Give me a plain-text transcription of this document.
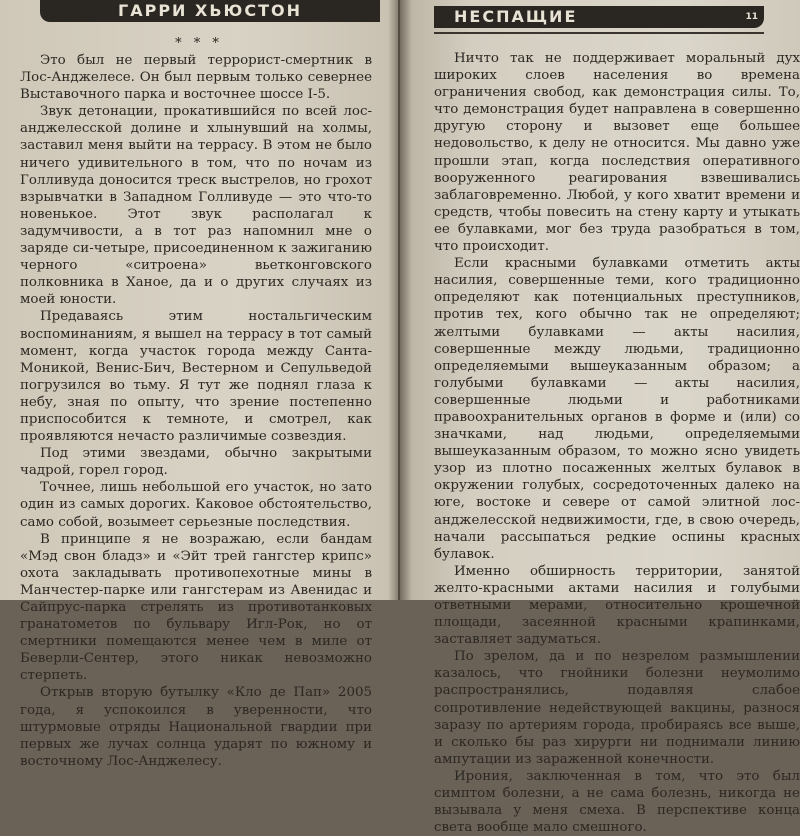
ГАРРИ ХЬЮСТОН
* * *

Это был не первый террорист-смертник в Лос-Анджелесе. Он был первым только севернее Выставочного парка и восточнее шоссе I-5.

Звук детонации, прокатившийся по всей лос-анджелесской долине и хлынувший на холмы, заставил меня выйти на террасу. В этом не было ничего удивительного в том, что по ночам из Голливуда доносится треск выстрелов, но грохот взрывчатки в Западном Голливуде — это что-то новенькое. Этот звук располагал к задумчивости, а в тот раз напомнил мне о заряде си-четыре, присоединенном к зажиганию черного «ситроена» вьетконговского полковника в Ханое, да и о других случаях из моей юности.

Предаваясь этим ностальгическим воспоминаниям, я вышел на террасу в тот самый момент, когда участок города между Санта-Моникой, Венис-Бич, Вестерном и Сепульведой погрузился во тьму. Я тут же поднял глаза к небу, зная по опыту, что зрение постепенно приспособится к темноте, и смотрел, как проявляются нечасто различимые созвездия.

Под этими звездами, обычно закрытыми чадрой, горел город.

Точнее, лишь небольшой его участок, но зато один из самых дорогих. Каковое обстоятельство, само собой, возымеет серьезные последствия.

В принципе я не возражаю, если бандам «Мэд свон бладз» и «Эйт трей гангстер крипс» охота закладывать противопехотные мины в Манчестер-парке или гангстерам из Авенидас и Сайпрус-парка стрелять из противотанковых гранатометов по бульвару Игл-Рок, но от смертники помещаются менее чем в миле от Беверли-Сентер, этого никак невозможно стерпеть.

Открыв вторую бутылку «Кло де Пап» 2005 года, я успокоился в уверенности, что штурмовые отряды Национальной гвардии при первых же лучах солнца ударят по южному и восточному Лос-Анджелесу.

НЕСПАЩИЕ	11

Ничто так не поддерживает моральный дух широких слоев населения во времена ограничения свобод, как демонстрация силы. То, что демонстрация будет направлена в совершенно другую сторону и вызовет еще большее недовольство, к делу не относится. Мы давно уже прошли этап, когда последствия оперативного вооруженного реагирования взвешивались заблаговременно. Любой, у кого хватит времени и средств, чтобы повесить на стену карту и утыкать ее булавками, мог без труда разобраться в том, что происходит.

Если красными булавками отметить акты насилия, совершенные теми, кого традиционно определяют как потенциальных преступников, против тех, кого обычно так не определяют; желтыми булавками — акты насилия, совершенные между людьми, традиционно определяемыми вышеуказанным образом; а голубыми булавками — акты насилия, совершенные людьми и работниками правоохранительных органов в форме и (или) со значками, над людьми, определяемыми вышеуказанным образом, то можно ясно увидеть узор из плотно посаженных желтых булавок в окружении голубых, сосредоточенных далеко на юге, востоке и севере от самой элитной лос-анджелесской недвижимости, где, в свою очередь, начали рассыпаться редкие оспины красных булавок.

Именно обширность территории, занятой желто-красными актами насилия и голубыми ответными мерами, относительно крошечной площади, засеянной красными крапинками, заставляет задуматься.

По зрелом, да и по незрелом размышлении казалось, что гнойники болезни неумолимо распространялись, подавляя слабое сопротивление недействующей вакцины, разнося заразу по артериям города, пробираясь все выше, и сколько бы раз хирурги ни поднимали линию ампутации из зараженной конечности.

Ирония, заключенная в том, что это был симптом болезни, а не сама болезнь, никогда не вызывала у меня смеха. В перспективе конца света вообще мало смешного.
